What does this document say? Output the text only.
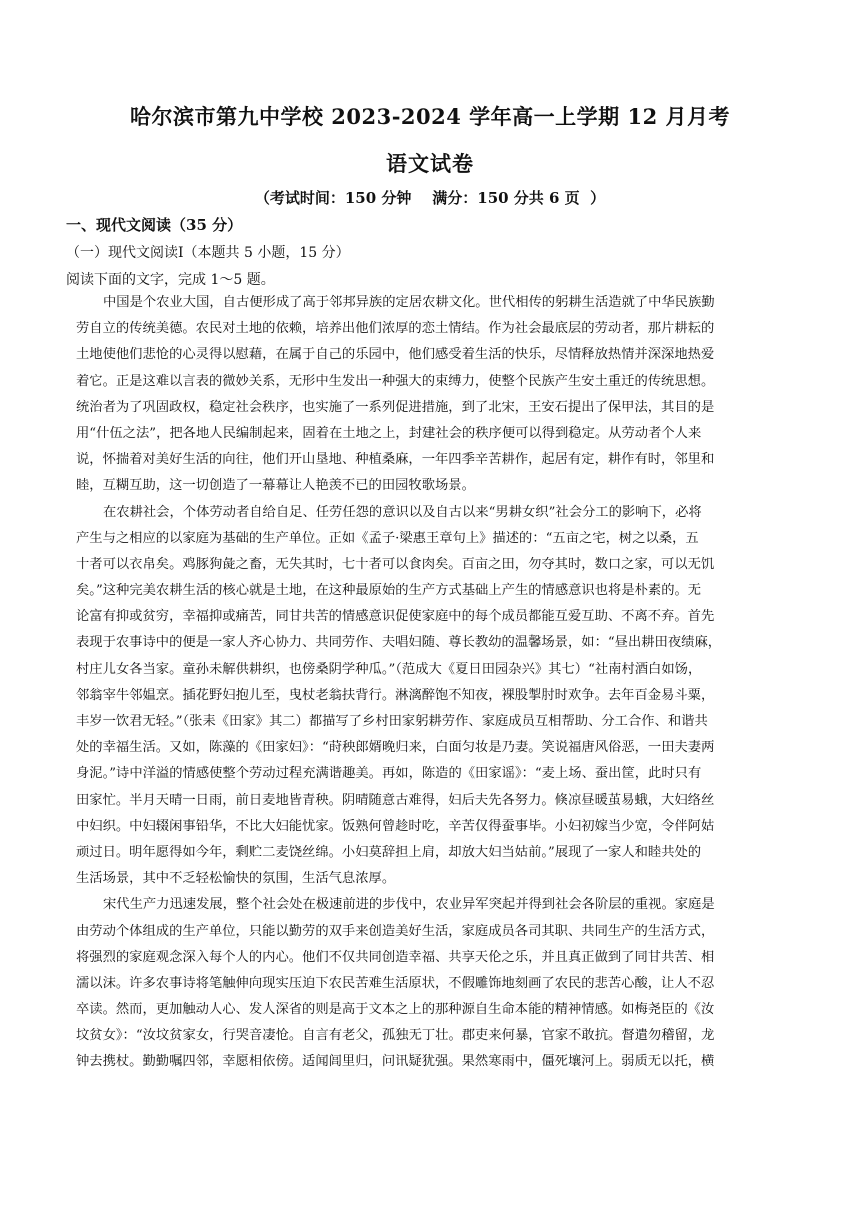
哈尔滨市第九中学校 2023-2024 学年高一上学期 12 月月考
语文试卷
（考试时间：150 分钟    满分：150 分共 6 页  ）
一、现代文阅读（35 分）
（一）现代文阅读Ⅰ（本题共 5 小题，15 分）
阅读下面的文字，完成 1～5 题。
中国是个农业大国，自古便形成了高于邻邦异族的定居农耕文化。世代相传的躬耕生活造就了中华民族勤
劳自立的传统美德。农民对土地的依赖，培养出他们浓厚的恋土情结。作为社会最底层的劳动者，那片耕耘的
土地使他们悲怆的心灵得以慰藉，在属于自己的乐园中，他们感受着生活的快乐，尽情释放热情并深深地热爱
着它。正是这难以言表的微妙关系，无形中生发出一种强大的束缚力，使整个民族产生安土重迁的传统思想。
统治者为了巩固政权，稳定社会秩序，也实施了一系列促进措施，到了北宋，王安石提出了保甲法，其目的是
用“什伍之法”，把各地人民编制起来，固着在土地之上，封建社会的秩序便可以得到稳定。从劳动者个人来
说，怀揣着对美好生活的向往，他们开山垦地、种植桑麻，一年四季辛苦耕作，起居有定，耕作有时，邻里和
睦，互糊互助，这一切创造了一幕幕让人艳羡不已的田园牧歌场景。
在农耕社会，个体劳动者自给自足、任劳任怨的意识以及自古以来“男耕女织”社会分工的影响下，必将
产生与之相应的以家庭为基础的生产单位。正如《孟子·梁惠王章句上》描述的：“五亩之宅，树之以桑，五
十者可以衣帛矣。鸡豚狗彘之畜，无失其时，七十者可以食肉矣。百亩之田，勿夺其时，数口之家，可以无饥
矣。”这种完美农耕生活的核心就是土地，在这种最原始的生产方式基础上产生的情感意识也将是朴素的。无
论富有抑或贫穷，幸福抑或痛苦，同甘共苦的情感意识促使家庭中的每个成员都能互爱互助、不离不弃。首先
表现于农事诗中的便是一家人齐心协力、共同劳作、夫唱妇随、尊长教幼的温馨场景，如：“昼出耕田夜绩麻，
村庄儿女各当家。童孙未解供耕织，也傍桑阴学种瓜。”（范成大《夏日田园杂兴》其七）“社南村酒白如饧，
邻翁宰牛邻媪烹。插花野妇抱儿至，曳杖老翁扶背行。淋漓醉饱不知夜，裸股掣肘时欢争。去年百金易斗粟，
丰岁一饮君无轻。”（张耒《田家》其二）都描写了乡村田家躬耕劳作、家庭成员互相帮助、分工合作、和谐共
处的幸福生活。又如，陈藻的《田家妇》：“莳秧郎婿晚归来，白面匀妆是乃妻。笑说福唐风俗恶，一田夫妻两
身泥。”诗中洋溢的情感使整个劳动过程充满谐趣美。再如，陈造的《田家谣》：“麦上场、蚕出筐，此时只有
田家忙。半月天晴一日雨，前日麦地皆青秧。阴晴随意古难得，妇后夫先各努力。倏凉昼暖茧易蛾，大妇络丝
中妇织。中妇辍闲事铅华，不比大妇能忧家。饭熟何曾趁时吃，辛苦仅得蚕事毕。小妇初嫁当少宽，令伴阿姑
顽过日。明年愿得如今年，剩贮二麦饶丝绵。小妇莫辞担上肩，却放大妇当姑前。”展现了一家人和睦共处的
生活场景，其中不乏轻松愉快的氛围，生活气息浓厚。
宋代生产力迅速发展，整个社会处在极速前进的步伐中，农业异军突起并得到社会各阶层的重视。家庭是
由劳动个体组成的生产单位，只能以勤劳的双手来创造美好生活，家庭成员各司其职、共同生产的生活方式，
将强烈的家庭观念深入每个人的内心。他们不仅共同创造幸福、共享天伦之乐，并且真正做到了同甘共苦、相
濡以沫。许多农事诗将笔触伸向现实压迫下农民苦难生活原状，不假雕饰地刻画了农民的悲苦心酸，让人不忍
卒读。然而，更加触动人心、发人深省的则是高于文本之上的那种源自生命本能的精神情感。如梅尧臣的《汝
坟贫女》：“汝坟贫家女，行哭音凄怆。自言有老父，孤独无丁壮。郡吏来何暴，官家不敢抗。督遣勿稽留，龙
钟去携杖。勤勤嘱四邻，幸愿相依傍。适闻闾里归，问讯疑犹强。果然寒雨中，僵死壤河上。弱质无以托，横
